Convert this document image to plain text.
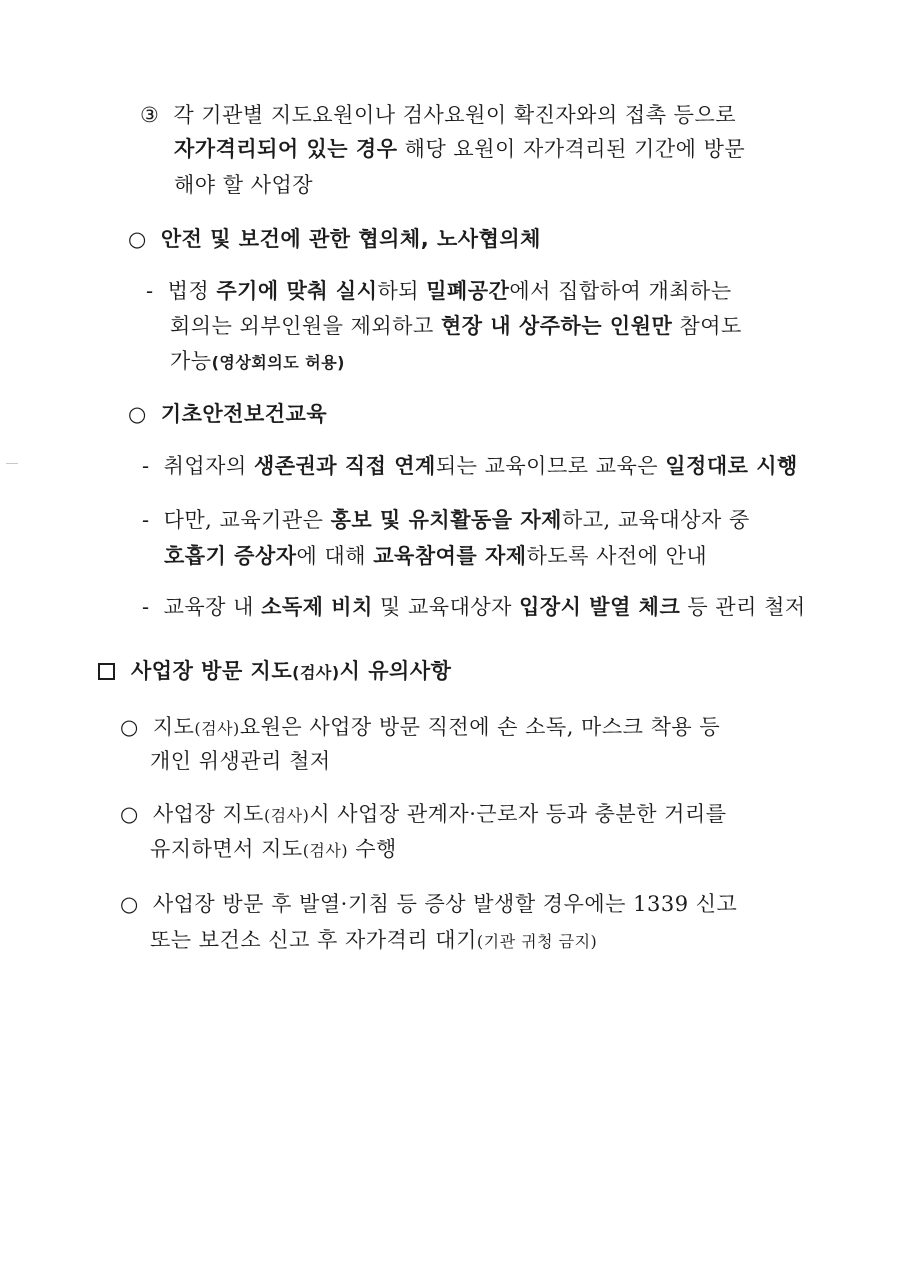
③ 각 기관별 지도요원이나 검사요원이 확진자와의 접촉 등으로
자가격리되어 있는 경우 해당 요원이 자가격리된 기간에 방문
해야 할 사업장
○ 안전 및 보건에 관한 협의체, 노사협의체
- 법정 주기에 맞춰 실시하되 밀폐공간에서 집합하여 개최하는
회의는 외부인원을 제외하고 현장 내 상주하는 인원만 참여도
가능(영상회의도 허용)
○ 기초안전보건교육
- 취업자의 생존권과 직접 연계되는 교육이므로 교육은 일정대로 시행
- 다만, 교육기관은 홍보 및 유치활동을 자제하고, 교육대상자 중
호흡기 증상자에 대해 교육참여를 자제하도록 사전에 안내
- 교육장 내 소독제 비치 및 교육대상자 입장시 발열 체크 등 관리 철저
사업장 방문 지도(검사)시 유의사항
○ 지도(검사)요원은 사업장 방문 직전에 손 소독, 마스크 착용 등
개인 위생관리 철저
○ 사업장 지도(검사)시 사업장 관계자·근로자 등과 충분한 거리를
유지하면서 지도(검사) 수행
○ 사업장 방문 후 발열·기침 등 증상 발생할 경우에는 1339 신고
또는 보건소 신고 후 자가격리 대기(기관 귀청 금지)
